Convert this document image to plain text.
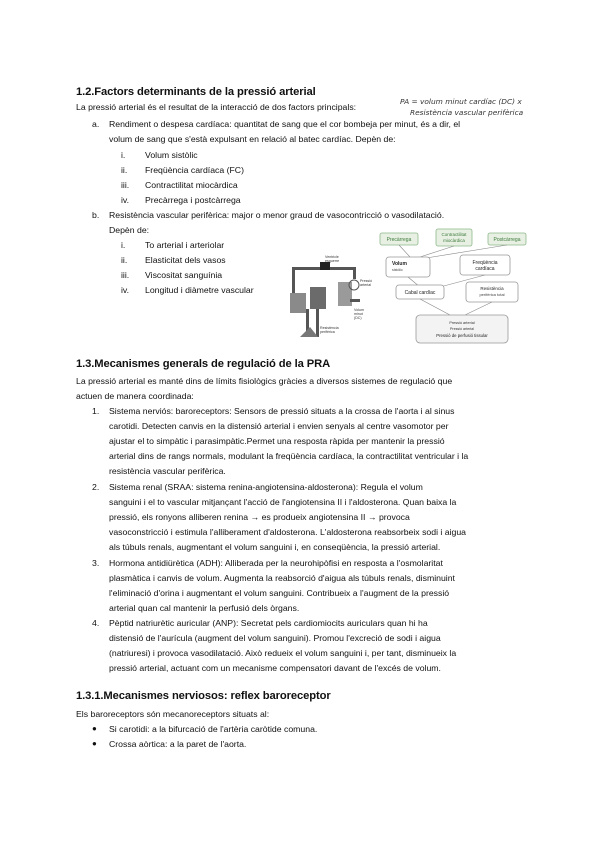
1.2.Factors determinants de la pressió arterial
La pressió arterial és el resultat de la interacció de dos factors principals:
PA = volum minut cardíac (DC) x
Resistència vascular perifèrica
a. Rendiment o despesa cardíaca: quantitat de sang que el cor bombeja per minut, és a dir, el
volum de sang que s'està expulsant en relació al batec cardíac. Depèn de:
i. Volum sistòlic
ii. Freqüència cardíaca (FC)
iii. Contractilitat miocàrdica
iv. Precàrrega i postcàrrega
b. Resistència vascular perifèrica: major o menor graud de vasocontricció o vasodilatació.
Depèn de:
i. To arterial i arteriolar
ii. Elasticitat dels vasos
iii. Viscositat sanguínia
iv. Longitud i diàmetre vascular
Ventricle
esquerre
Pressió
arterial
Volum
minut
(DC)
Resistència
perifèrica
Precàrrega
Contractilitat
miocàrdica	Postcàrrega
Volum
sistòlic
Freqüència
cardíaca
Cabal cardíac
Resistència
perifèrica total
Pressió arterial
Pressió arterial
Pressió de perfusió tissular
1.3.Mecanismes generals de regulació de la PRA
La pressió arterial es manté dins de límits fisiològics gràcies a diversos sistemes de regulació que
actuen de manera coordinada:
1. Sistema nerviós: baroreceptors: Sensors de pressió situats a la crossa de l'aorta i al sinus
carotidi. Detecten canvis en la distensió arterial i envien senyals al centre vasomotor per
ajustar el to simpàtic i parasimpàtic.Permet una resposta ràpida per mantenir la pressió
arterial dins de rangs normals, modulant la freqüència cardíaca, la contractilitat ventricular i la
resistència vascular perifèrica.
2. Sistema renal (SRAA: sistema renina-angiotensina-aldosterona): Regula el volum
sanguini i el to vascular mitjançant l'acció de l'angiotensina II i l'aldosterona. Quan baixa la
pressió, els ronyons alliberen renina → es produeix angiotensina II → provoca
vasoconstricció i estimula l'alliberament d'aldosterona. L'aldosterona reabsorbeix sodi i aigua
als túbuls renals, augmentant el volum sanguini i, en conseqüència, la pressió arterial.
3. Hormona antidiürètica (ADH): Alliberada per la neurohipòfisi en resposta a l'osmolaritat
plasmàtica i canvis de volum. Augmenta la reabsorció d'aigua als túbuls renals, disminuint
l'eliminació d'orina i augmentant el volum sanguini. Contribueix a l'augment de la pressió
arterial quan cal mantenir la perfusió dels òrgans.
4. Pèptid natriurètic auricular (ANP): Secretat pels cardiomiocits auriculars quan hi ha
distensió de l'aurícula (augment del volum sanguini). Promou l'excreció de sodi i aigua
(natriuresi) i provoca vasodilatació. Això redueix el volum sanguini i, per tant, disminueix la
pressió arterial, actuant com un mecanisme compensatori davant de l'excés de volum.
1.3.1.Mecanismes nerviosos: reflex baroreceptor
Els baroreceptors són mecanoreceptors situats al:
● Si carotidi: a la bifurcació de l'artèria caròtide comuna.
● Crossa aòrtica: a la paret de l'aorta.
